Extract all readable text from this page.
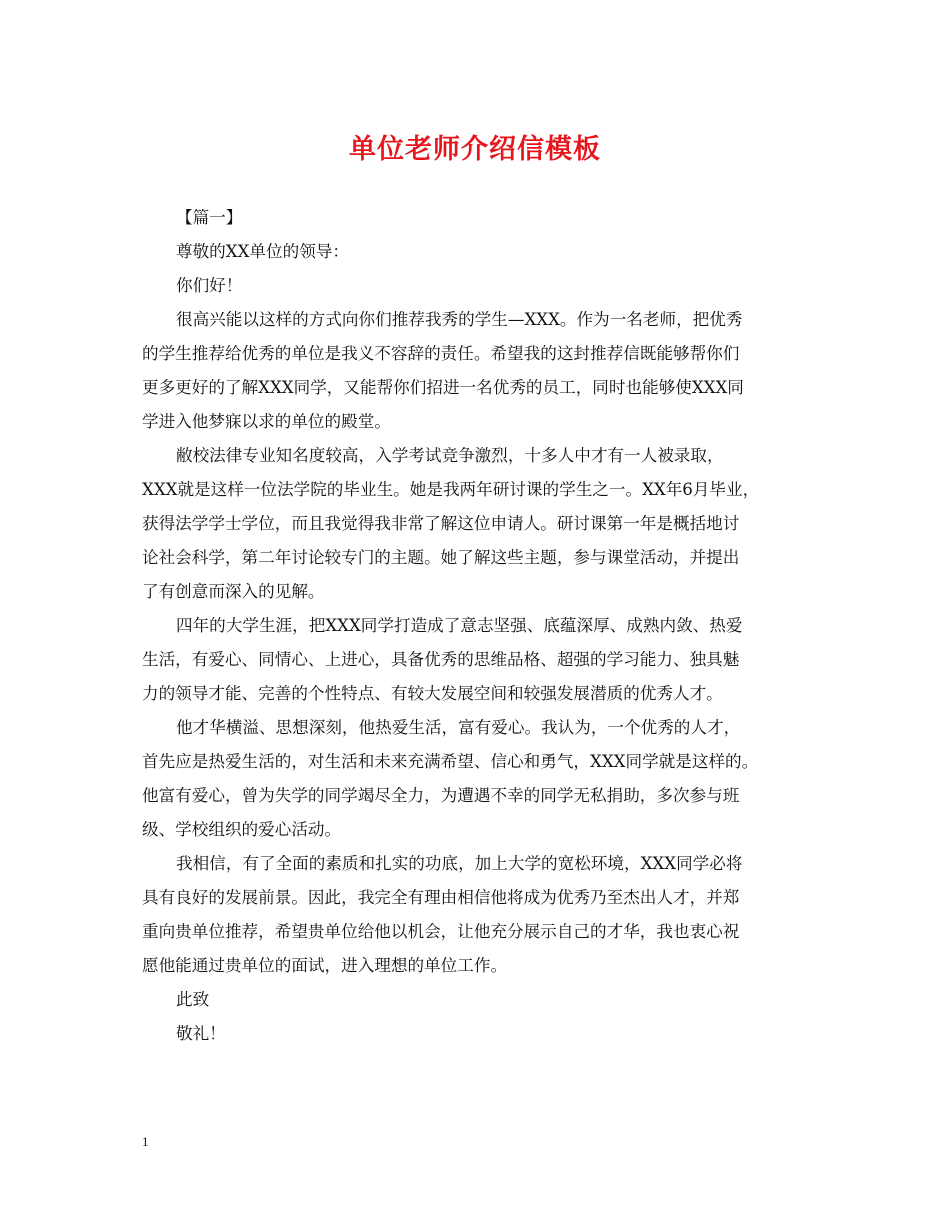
单位老师介绍信模板
【篇一】
尊敬的XX单位的领导：
你们好！
很高兴能以这样的方式向你们推荐我秀的学生—XXX。作为一名老师，把优秀
的学生推荐给优秀的单位是我义不容辞的责任。希望我的这封推荐信既能够帮你们
更多更好的了解XXX同学，又能帮你们招进一名优秀的员工，同时也能够使XXX同
学进入他梦寐以求的单位的殿堂。
敝校法律专业知名度较高，入学考试竞争激烈，十多人中才有一人被录取，
XXX就是这样一位法学院的毕业生。她是我两年研讨课的学生之一。XX年6月毕业，
获得法学学士学位，而且我觉得我非常了解这位申请人。研讨课第一年是概括地讨
论社会科学，第二年讨论较专门的主题。她了解这些主题，参与课堂活动，并提出
了有创意而深入的见解。
四年的大学生涯，把XXX同学打造成了意志坚强、底蕴深厚、成熟内敛、热爱
生活，有爱心、同情心、上进心，具备优秀的思维品格、超强的学习能力、独具魅
力的领导才能、完善的个性特点、有较大发展空间和较强发展潜质的优秀人才。
他才华横溢、思想深刻，他热爱生活，富有爱心。我认为，一个优秀的人才，
首先应是热爱生活的，对生活和未来充满希望、信心和勇气，XXX同学就是这样的。
他富有爱心，曾为失学的同学竭尽全力，为遭遇不幸的同学无私捐助，多次参与班
级、学校组织的爱心活动。
我相信，有了全面的素质和扎实的功底，加上大学的宽松环境，XXX同学必将
具有良好的发展前景。因此，我完全有理由相信他将成为优秀乃至杰出人才，并郑
重向贵单位推荐，希望贵单位给他以机会，让他充分展示自己的才华，我也衷心祝
愿他能通过贵单位的面试，进入理想的单位工作。
此致
敬礼！
1
